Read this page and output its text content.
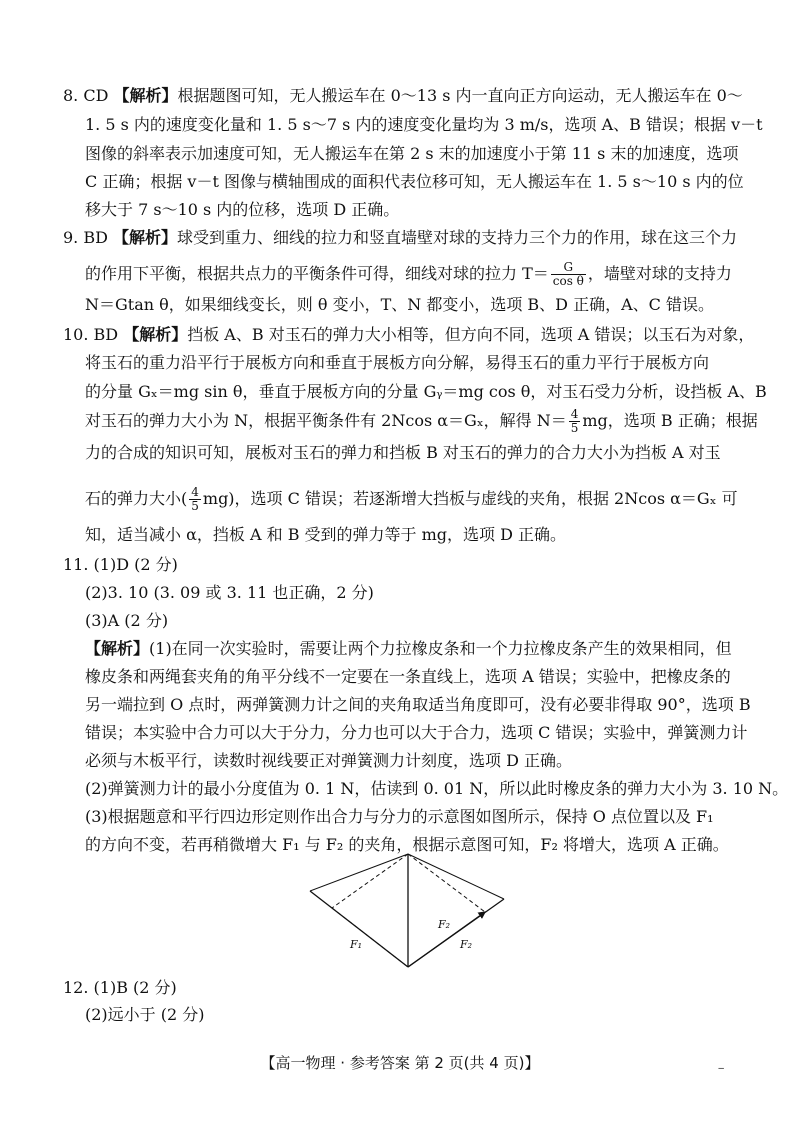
8. CD 【解析】根据题图可知，无人搬运车在 0～13 s 内一直向正方向运动，无人搬运车在 0～
1. 5 s 内的速度变化量和 1. 5 s～7 s 内的速度变化量均为 3 m/s，选项 A、B 错误；根据 v－t
图像的斜率表示加速度可知，无人搬运车在第 2 s 末的加速度小于第 11 s 末的加速度，选项
C 正确；根据 v－t 图像与横轴围成的面积代表位移可知，无人搬运车在 1. 5 s～10 s 内的位
移大于 7 s～10 s 内的位移，选项 D 正确。
9. BD 【解析】球受到重力、细线的拉力和竖直墙壁对球的支持力三个力的作用，球在这三个力
的作用下平衡，根据共点力的平衡条件可得，细线对球的拉力 $T= \frac{G}{\text{cos θ}}$ ，墙壁对球的支持力
N＝Gtan θ，如果细线变长，则 θ 变小，T、N 都变小，选项 B、D 正确，A、C 错误。
10. BD 【解析】挡板 A、B 对玉石的弹力大小相等，但方向不同，选项 A 错误；以玉石为对象，
将玉石的重力沿平行于展板方向和垂直于展板方向分解，易得玉石的重力平行于展板方向
的分量 Gₓ＝mg sin θ，垂直于展板方向的分量 Gᵧ＝mg cos θ，对玉石受力分析，设挡板 A、B
对玉石的弹力大小为 N，根据平衡条件有 2Ncos α＝Gₓ，解得 $N= \frac{4}{5}$ mg，选项 B 正确；根据
力的合成的知识可知，展板对玉石的弹力和挡板 B 对玉石的弹力的合力大小为挡板 A 对玉
石的弹力大小( $\frac{4}{5} mg$)，选项 C 错误；若逐渐增大挡板与虚线的夹角，根据 2Ncos α＝Gₓ 可
知，适当减小 α，挡板 A 和 B 受到的弹力等于 mg，选项 D 正确。
11. (1)D (2 分)
(2)3. 10 (3. 09 或 3. 11 也正确，2 分)
(3)A (2 分)
【解析】(1)在同一次实验时，需要让两个力拉橡皮条和一个力拉橡皮条产生的效果相同，但
橡皮条和两绳套夹角的角平分线不一定要在一条直线上，选项 A 错误；实验中，把橡皮条的
另一端拉到 O 点时，两弹簧测力计之间的夹角取适当角度即可，没有必要非得取 90°，选项 B
错误；本实验中合力可以大于分力，分力也可以大于合力，选项 C 错误；实验中，弹簧测力计
必须与木板平行，读数时视线要正对弹簧测力计刻度，选项 D 正确。
(2)弹簧测力计的最小分度值为 0. 1 N，估读到 0. 01 N，所以此时橡皮条的弹力大小为 3. 10 N。
(3)根据题意和平行四边形定则作出合力与分力的示意图如图所示，保持 O 点位置以及 F₁
的方向不变，若再稍微增大 F₁ 与 F₂ 的夹角，根据示意图可知，F₂ 将增大，选项 A 正确。
F₁
F₂
F₂
12. (1)B (2 分)
(2)远小于 (2 分)
【高一物理 · 参考答案 第 2 页(共 4 页)】	‒
